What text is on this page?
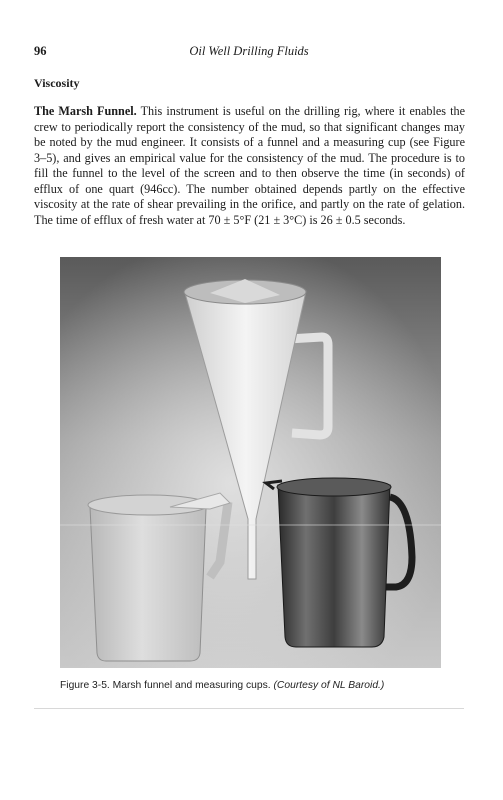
96	Oil Well Drilling Fluids
Viscosity
The Marsh Funnel. This instrument is useful on the drilling rig, where it enables the crew to periodically report the consistency of the mud, so that significant changes may be noted by the mud engineer. It consists of a funnel and a measuring cup (see Figure 3–5), and gives an empirical value for the consistency of the mud. The procedure is to fill the funnel to the level of the screen and to then observe the time (in seconds) of efflux of one quart (946cc). The number obtained depends partly on the effective viscosity at the rate of shear prevailing in the orifice, and partly on the rate of gelation. The time of efflux of fresh water at 70 ± 5°F (21 ± 3°C) is 26 ± 0.5 seconds.
Figure 3-5. Marsh funnel and measuring cups. (Courtesy of NL Baroid.)
